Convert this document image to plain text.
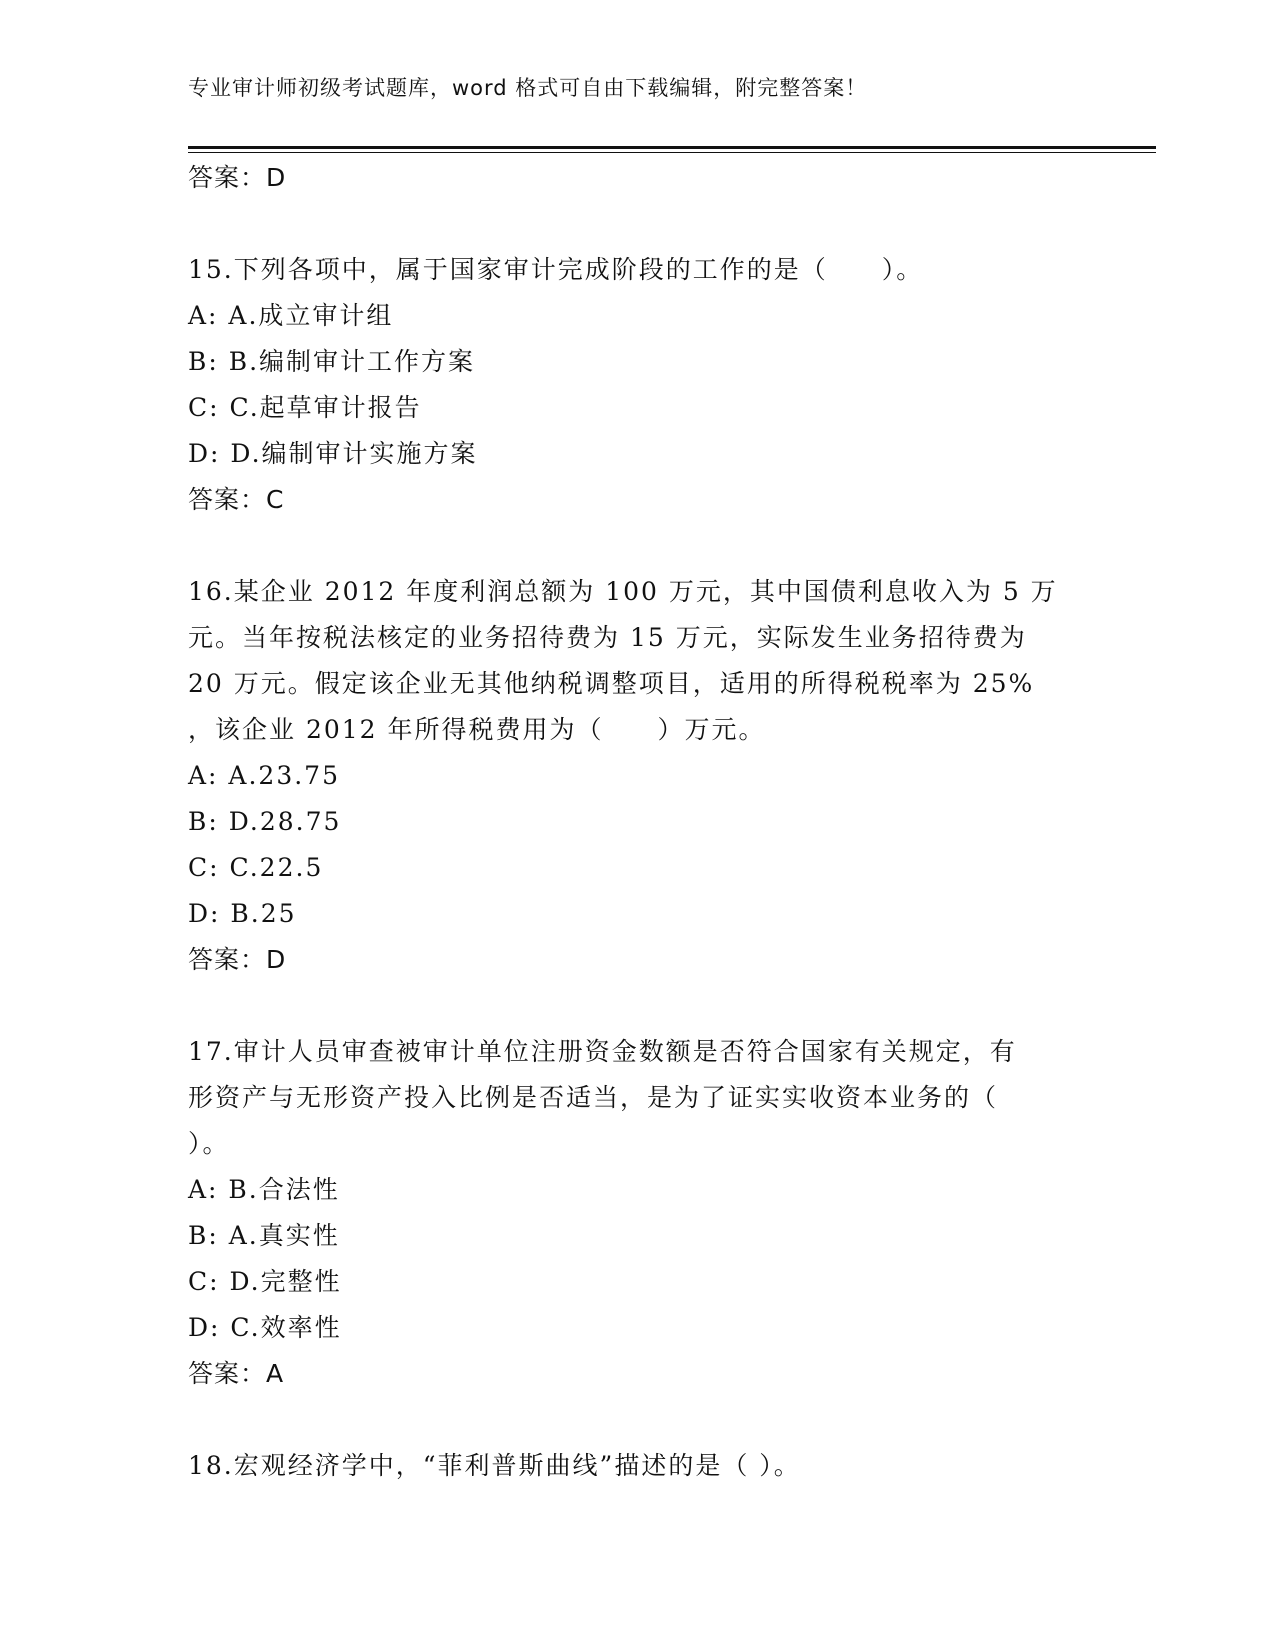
专业审计师初级考试题库，word 格式可自由下载编辑，附完整答案！
答案：D
15.下列各项中，属于国家审计完成阶段的工作的是（　　）。
A: A.成立审计组
B: B.编制审计工作方案
C: C.起草审计报告
D: D.编制审计实施方案
答案：C
16.某企业 2012 年度利润总额为 100 万元，其中国债利息收入为 5 万
元。当年按税法核定的业务招待费为 15 万元，实际发生业务招待费为
20 万元。假定该企业无其他纳税调整项目，适用的所得税税率为 25%
，该企业 2012 年所得税费用为（　　）万元。
A: A.23.75
B: D.28.75
C: C.22.5
D: B.25
答案：D
17.审计人员审查被审计单位注册资金数额是否符合国家有关规定，有
形资产与无形资产投入比例是否适当，是为了证实实收资本业务的（
）。
A: B.合法性
B: A.真实性
C: D.完整性
D: C.效率性
答案：A
18.宏观经济学中，“菲利普斯曲线”描述的是（ ）。
